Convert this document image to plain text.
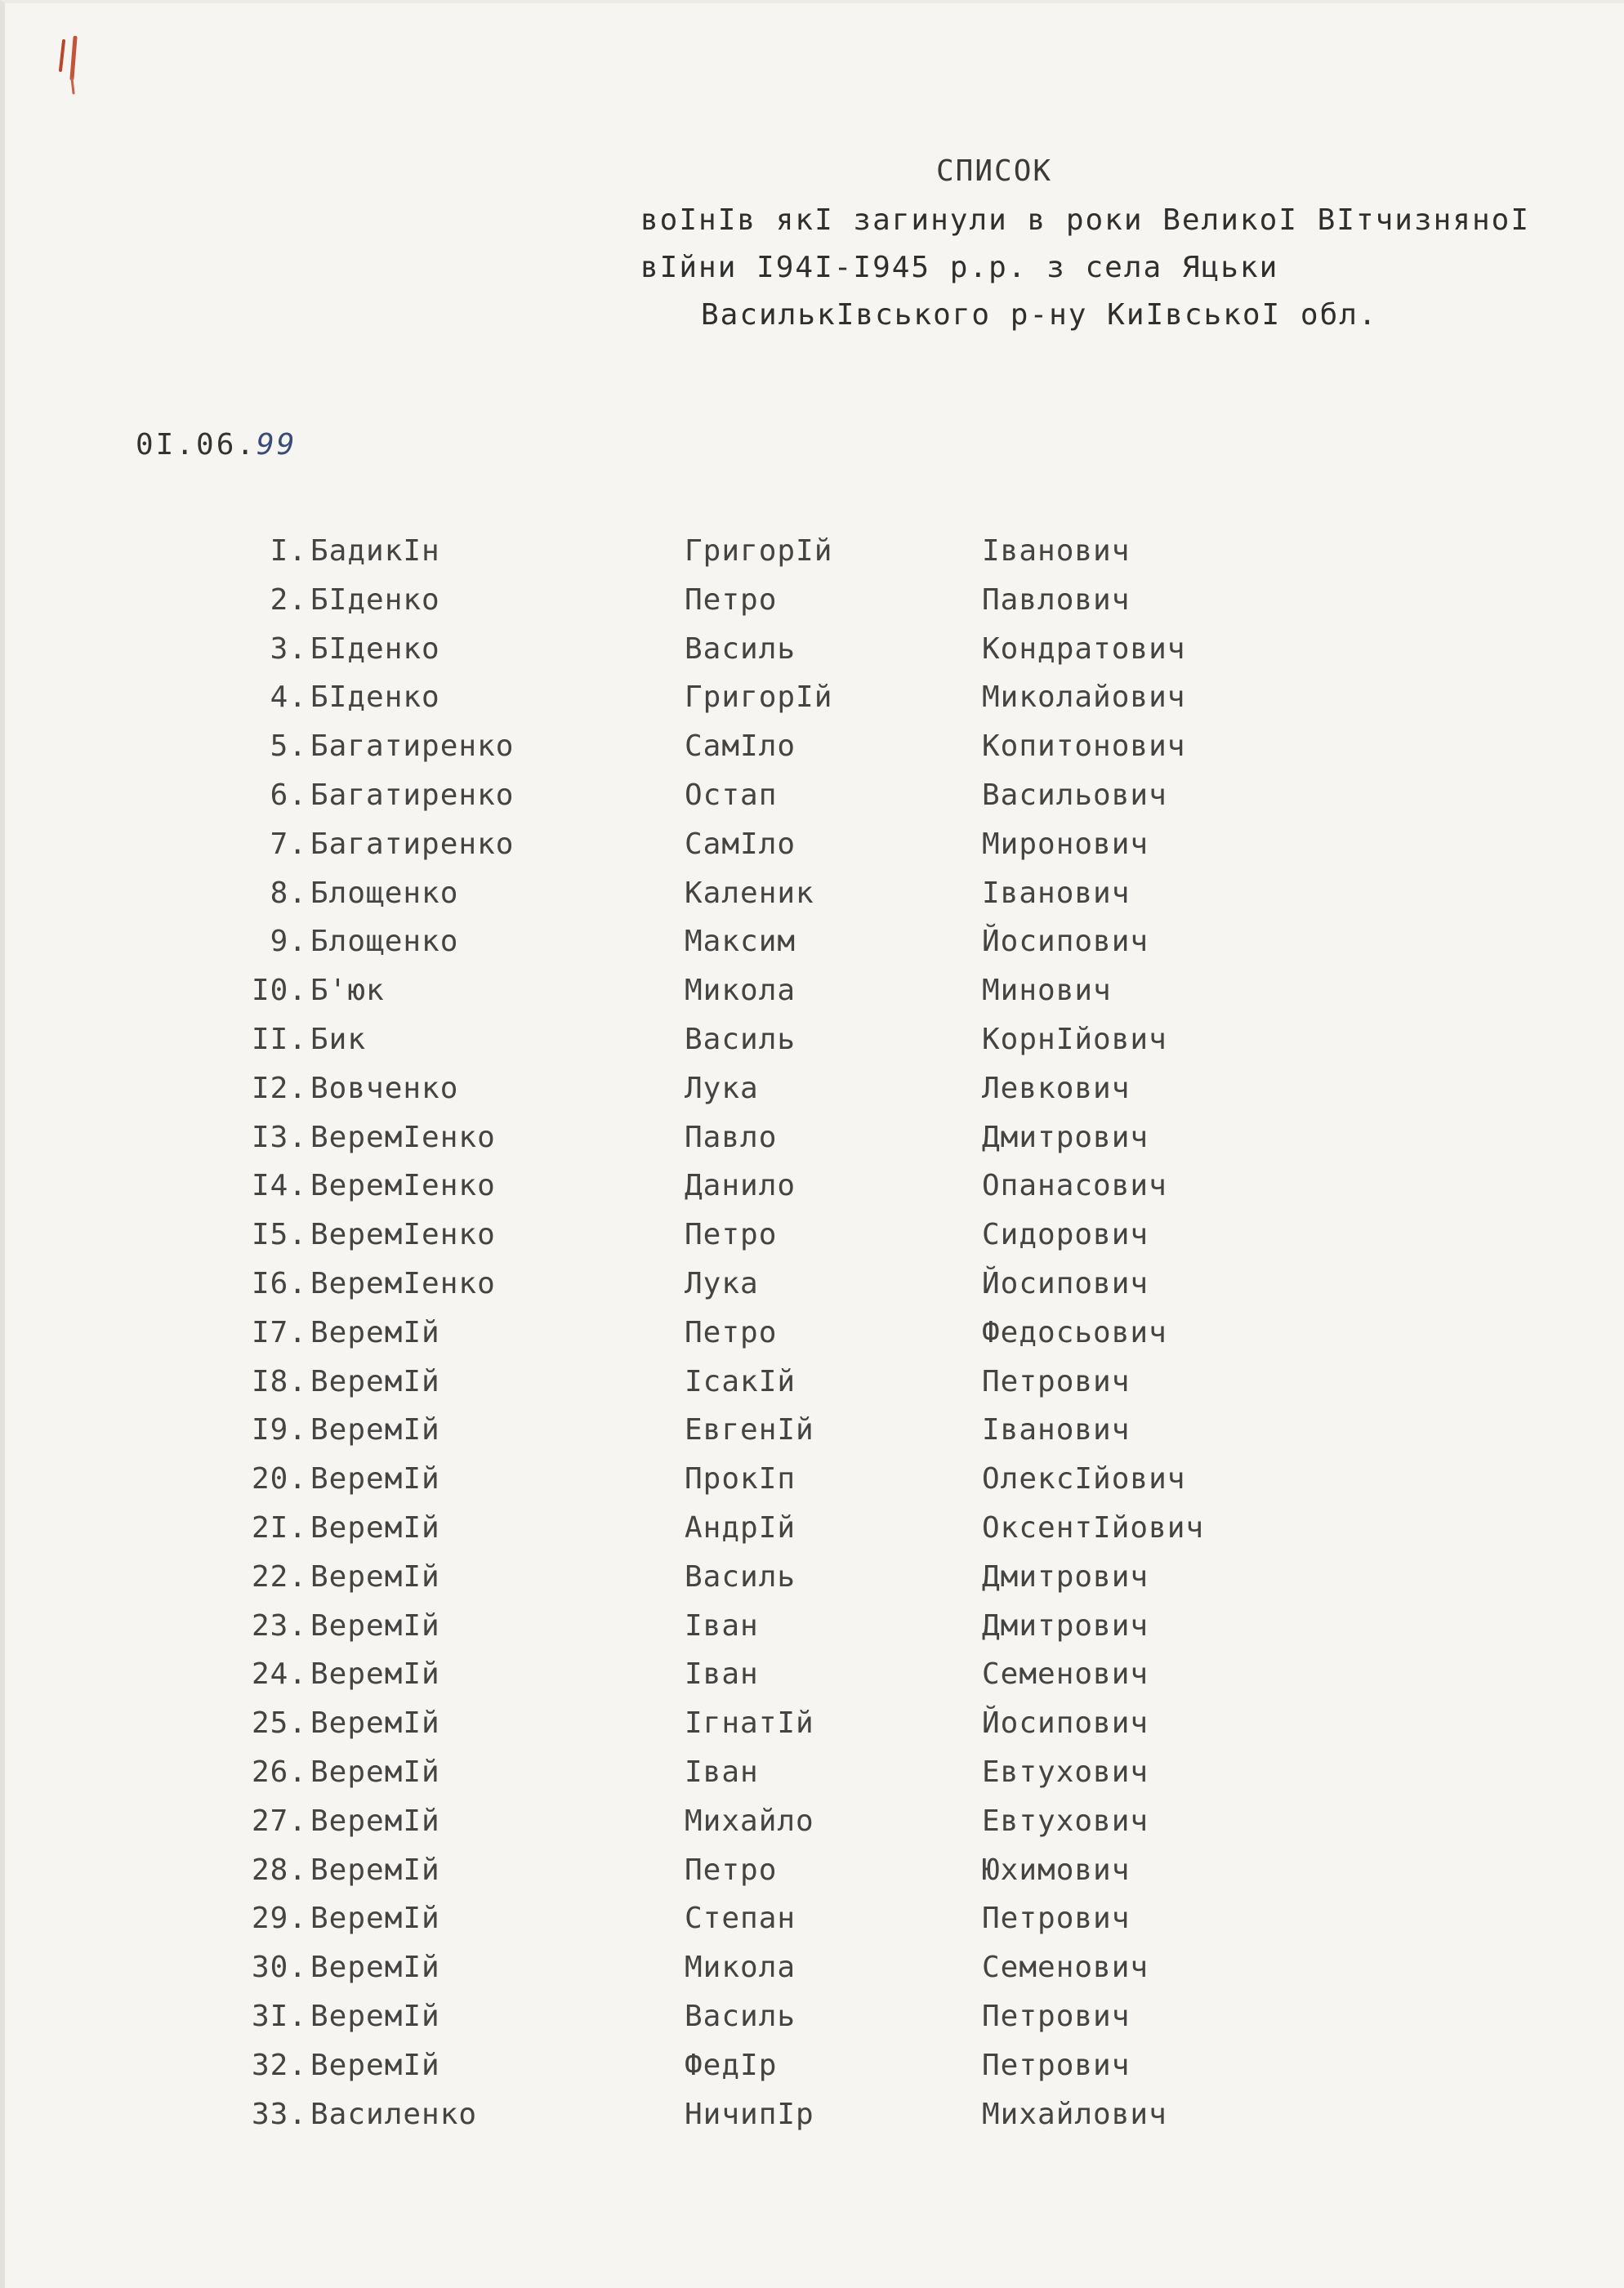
СПИСОК
воІнІв якІ загинули в роки ВеликоІ ВІтчизняноІ
вІйни І94І-І945 р.р. з села Яцьки
ВасилькІвського р-ну КиІвськоІ обл.
0І.06.99
І. БадикІн	ГригорІй	Іванович
2. БІденко	Петро	Павлович
3. БІденко	Василь	Кондратович
4. БІденко	ГригорІй	Миколайович
5. Багатиренко	СамІло	Копитонович
6. Багатиренко	Остап	Васильович
7. Багатиренко	СамІло	Миронович
8. Блощенко	Каленик	Іванович
9. Блощенко	Максим	Йосипович
І0. Б'юк	Микола	Минович
ІІ. Бик	Василь	КорнІйович
І2. Вовченко	Лука	Левкович
І3. ВеремІенко	Павло	Дмитрович
І4. ВеремІенко	Данило	Опанасович
І5. ВеремІенко	Петро	Сидорович
І6. ВеремІенко	Лука	Йосипович
І7. ВеремІй	Петро	Федосьович
І8. ВеремІй	ІсакІй	Петрович
І9. ВеремІй	ЕвгенІй	Іванович
20. ВеремІй	ПрокІп	ОлексІйович
2І. ВеремІй	АндрІй	ОксентІйович
22. ВеремІй	Василь	Дмитрович
23. ВеремІй	Іван	Дмитрович
24. ВеремІй	Іван	Семенович
25. ВеремІй	ІгнатІй	Йосипович
26. ВеремІй	Іван	Евтухович
27. ВеремІй	Михайло	Евтухович
28. ВеремІй	Петро	Юхимович
29. ВеремІй	Степан	Петрович
30. ВеремІй	Микола	Семенович
3І. ВеремІй	Василь	Петрович
32. ВеремІй	ФедІр	Петрович
33. Василенко	НичипІр	Михайлович
